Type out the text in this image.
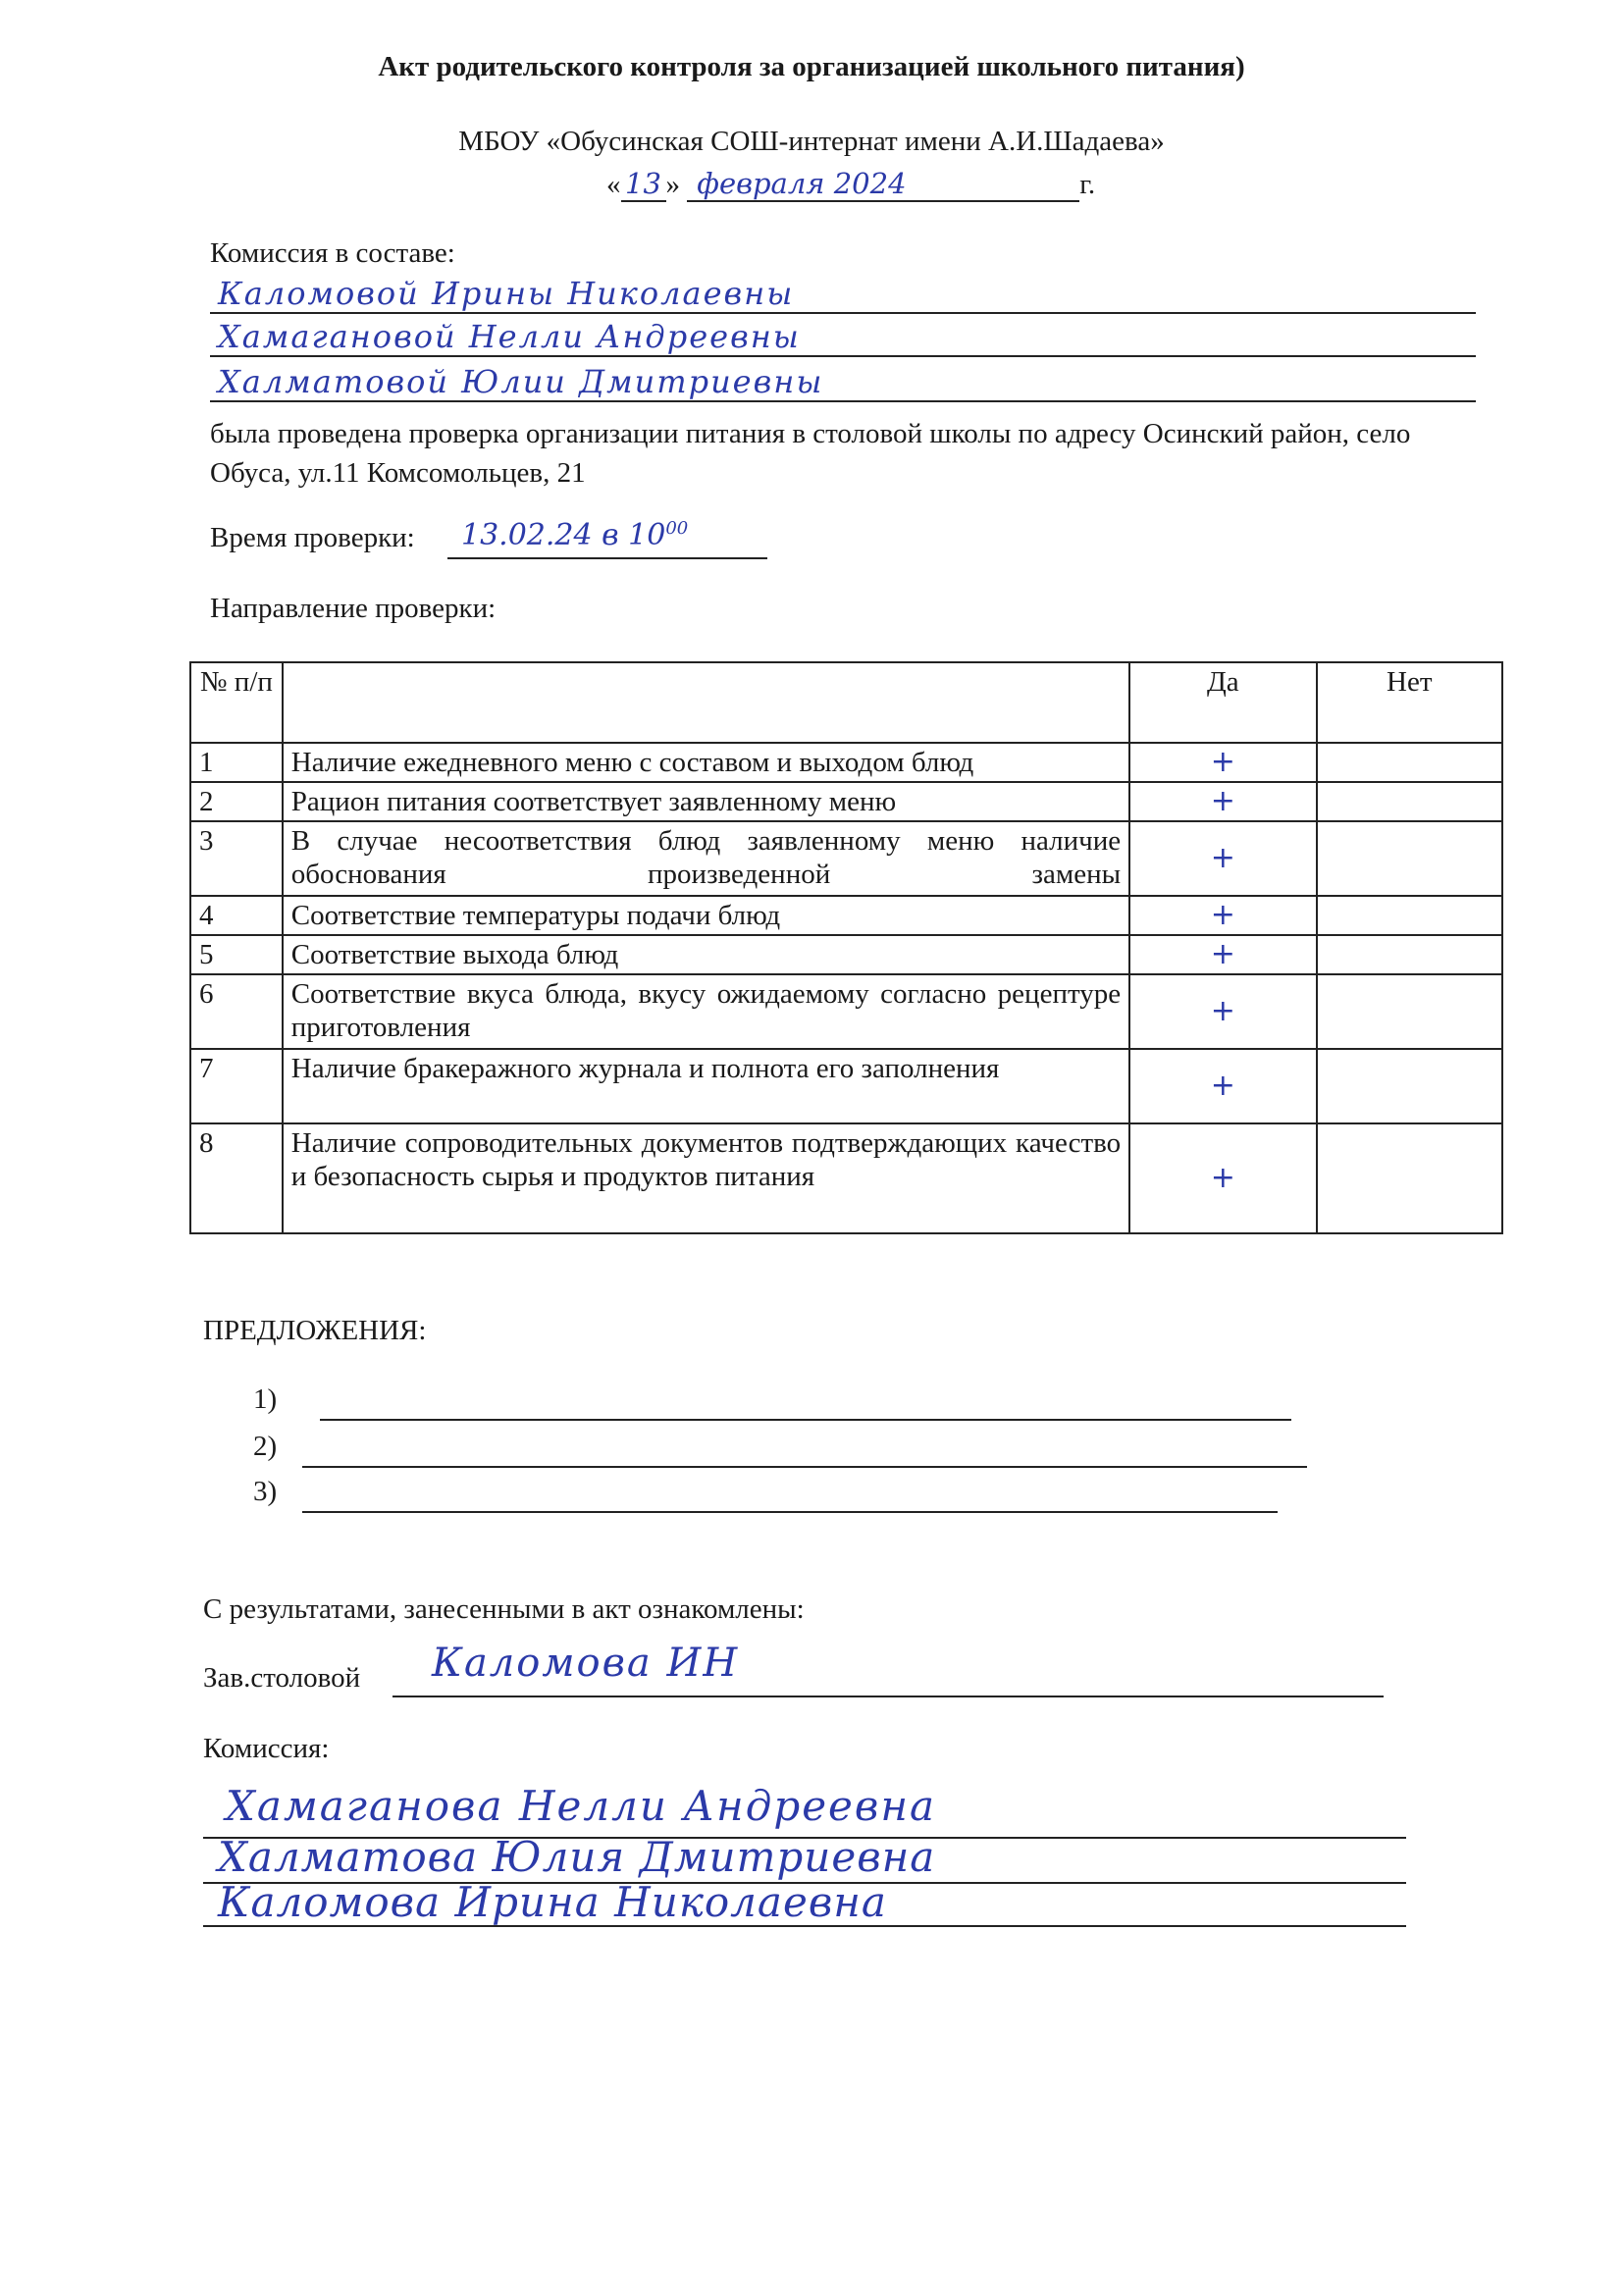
Акт родительского контроля за организацией школьного питания)
МБОУ «Обусинская СОШ-интернат имени А.И.Шадаева»
« 13 » февраля 2024	г.
Комиссия в составе:
Каломовой Ирины Николаевны
Хамагановой Нелли Андреевны
Халматовой Юлии Дмитриевны
была проведена проверка организации питания в столовой школы по адресу Осинский район, село Обуса, ул.11 Комсомольцев, 21
Время проверки: 13.02.24 в $10^{00}$
Направление проверки:
№ п/п		Да	Нет
1	Наличие ежедневного меню с составом и выходом блюд	+	
2	Рацион питания соответствует заявленному меню	+	
3	В случае несоответствия блюд заявленному меню наличие обоснования произведенной замены	+	
4	Соответствие температуры подачи блюд	+	
5	Соответствие выхода блюд	+	
6	Соответствие вкуса блюда, вкусу ожидаемому согласно рецептуре приготовления	+	
7	Наличие бракеражного журнала и полнота его заполнения	+	
8	Наличие сопроводительных документов подтверждающих качество и безопасность сырья и продуктов питания	+	
ПРЕДЛОЖЕНИЯ:
1)
2)
3)
С результатами, занесенными в акт ознакомлены:
Зав.столовой Каломова ИН
Комиссия:
Хамаганова Нелли Андреевна
Халматова Юлия Дмитриевна
Каломова Ирина Николаевна
